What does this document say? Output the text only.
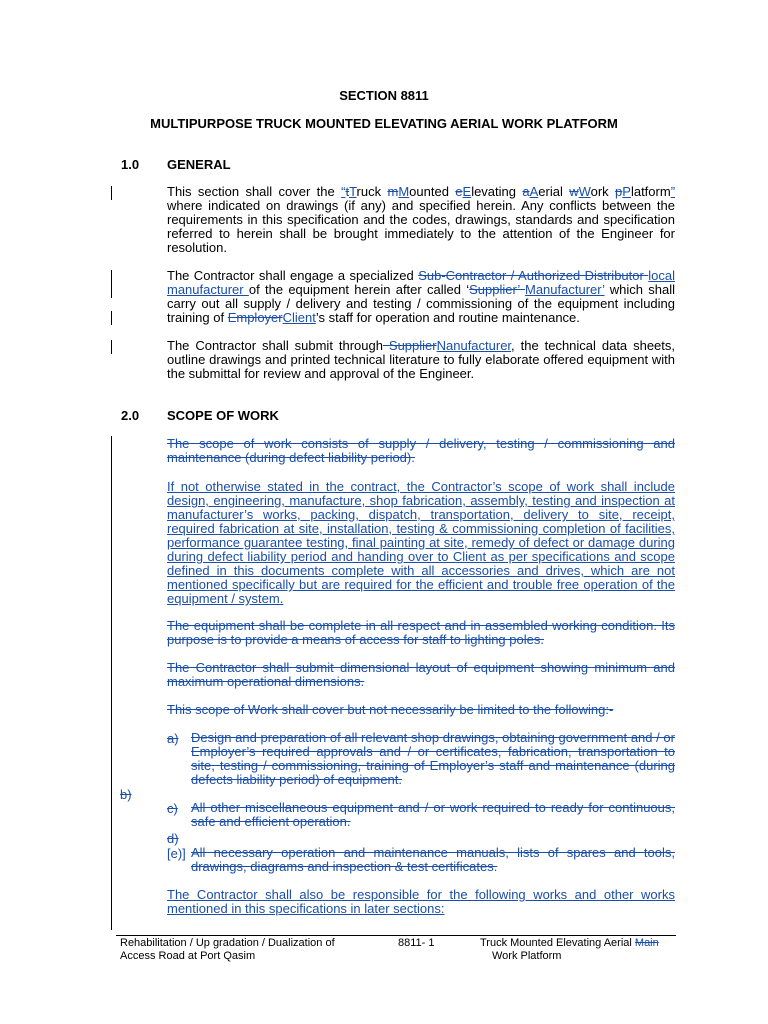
SECTION 8811
MULTIPURPOSE TRUCK MOUNTED ELEVATING AERIAL WORK PLATFORM
1.0 GENERAL
This section shall cover the “tTruck mMounted eElevating aAerial wWork pPlatform” where indicated on drawings (if any) and specified herein. Any conflicts between the requirements in this specification and the codes, drawings, standards and specification referred to herein shall be brought immediately to the attention of the Engineer for resolution.
The Contractor shall engage a specialized Sub-Contractor / Authorized Distributor local manufacturer of the equipment herein after called ‘Supplier’ Manufacturer’ which shall carry out all supply / delivery and testing / commissioning of the equipment including training of EmployerClient’s staff for operation and routine maintenance.
The Contractor shall submit through SupplierNanufacturer, the technical data sheets, outline drawings and printed technical literature to fully elaborate offered equipment with the submittal for review and approval of the Engineer.
2.0 SCOPE OF WORK
The scope of work consists of supply / delivery, testing / commissioning and maintenance (during defect liability period).
If not otherwise stated in the contract, the Contractor’s scope of work shall include design, engineering, manufacture, shop fabrication, assembly, testing and inspection at manufacturer’s works, packing, dispatch, transportation, delivery to site, receipt, required fabrication at site, installation, testing & commissioning completion of facilities, performance guarantee testing, final painting at site, remedy of defect or damage during during defect liability period and handing over to Client as per specifications and scope defined in this documents complete with all accessories and drives, which are not mentioned specifically but are required for the efficient and trouble free operation of the equipment / system.
The equipment shall be complete in all respect and in assembled working condition. Its purpose is to provide a means of access for staff to lighting poles.
The Contractor shall submit dimensional layout of equipment showing minimum and maximum operational dimensions.
This scope of Work shall cover but not necessarily be limited to the following:-
a) Design and preparation of all relevant shop drawings, obtaining government and / or Employer’s required approvals and / or certificates, fabrication, transportation to site, testing / commissioning, training of Employer’s staff and maintenance (during defects liability period) of equipment.
b)
c)	All other miscellaneous equipment and / or work required to ready for continuous, safe and efficient operation.
d)
[e)] All necessary operation and maintenance manuals, lists of spares and tools, drawings, diagrams and inspection & test certificates.
The Contractor shall also be responsible for the following works and other works mentioned in this specifications in later sections:
Rehabilitation / Up gradation / Dualization of
Access Road at Port Qasim
8811- 1	Truck Mounted Elevating Aerial Main
Work Platform
